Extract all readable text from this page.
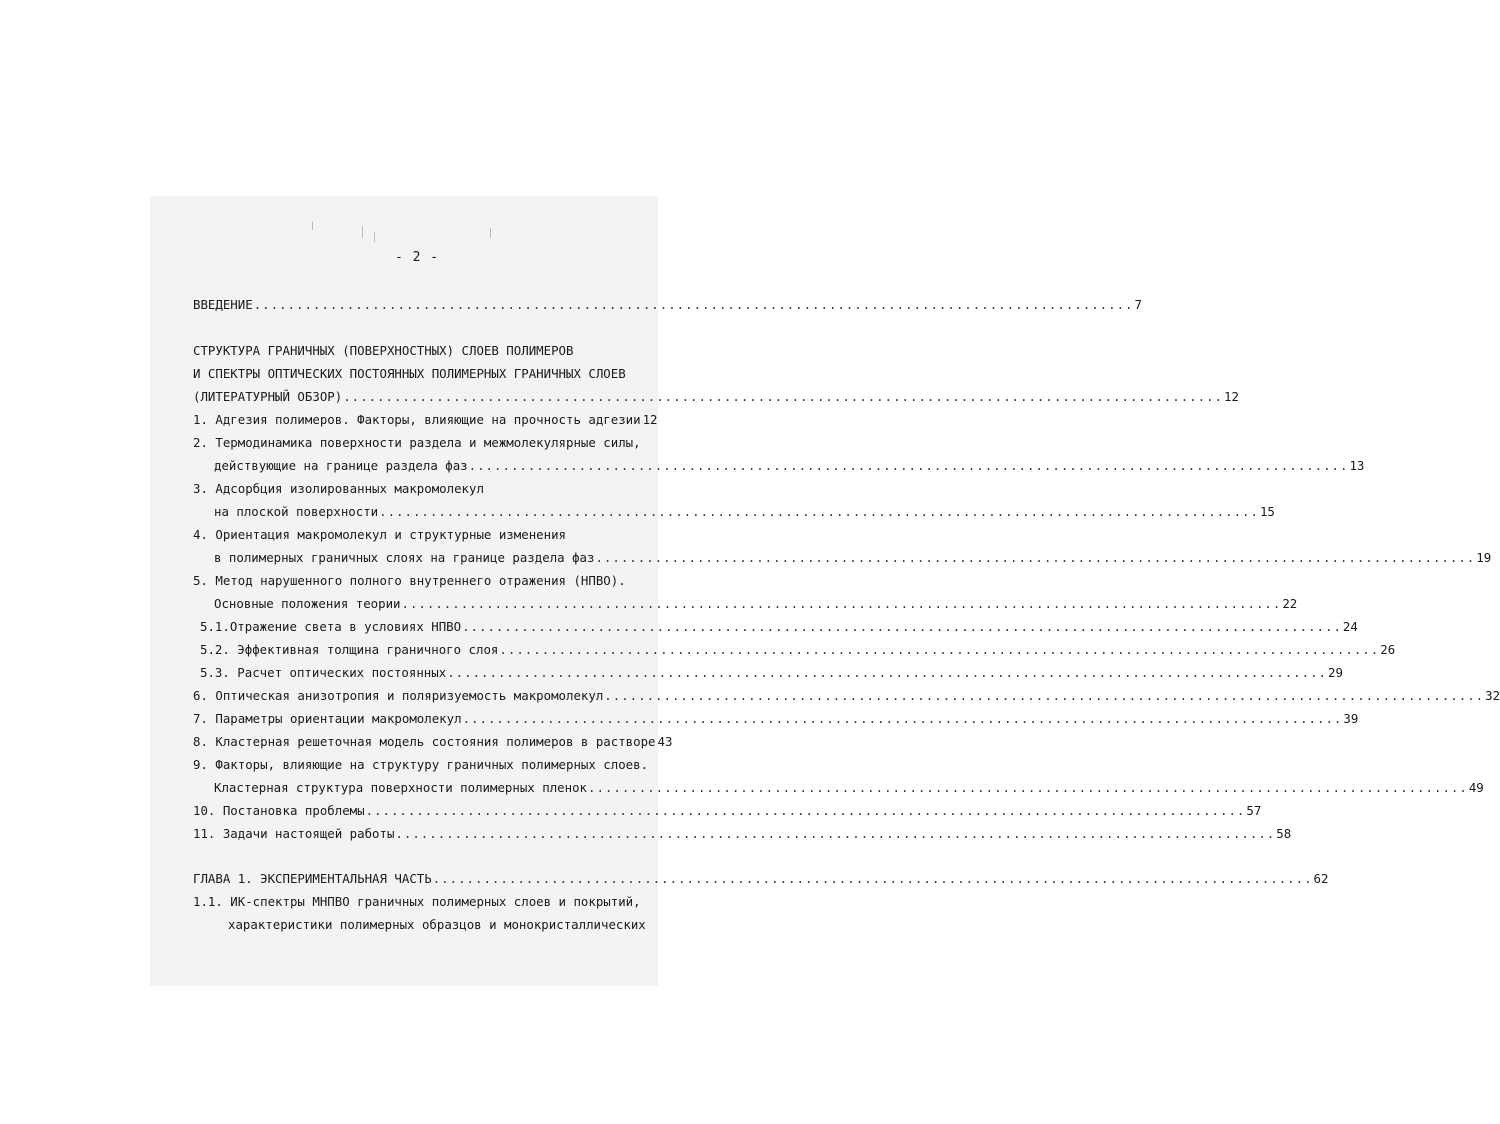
- 2 -
ВВЕДЕНИЕ ........................................................................................................ 7
СТРУКТУРА ГРАНИЧНЫХ (ПОВЕРХНОСТНЫХ) СЛОЕВ ПОЛИМЕРОВ
И СПЕКТРЫ ОПТИЧЕСКИХ ПОСТОЯННЫХ ПОЛИМЕРНЫХ ГРАНИЧНЫХ СЛОЕВ
(ЛИТЕРАТУРНЫЙ ОБЗОР) ........................................................................................................ 12
1. Адгезия полимеров. Факторы, влияющие на прочность адгезии 12
2. Термодинамика поверхности раздела и межмолекулярные силы,
действующие на границе раздела фаз ........................................................................................................ 13
3. Адсорбция изолированных макромолекул
на плоской поверхности ........................................................................................................ 15
4. Ориентация макромолекул и структурные изменения
в полимерных граничных слоях на границе раздела фаз ........................................................................................................ 19
5. Метод нарушенного полного внутреннего отражения (НПВО).
Основные положения теории ........................................................................................................ 22
5.1.Отражение света в условиях НПВО ........................................................................................................ 24
5.2. Эффективная толщина граничного слоя ........................................................................................................ 26
5.3. Расчет оптических постоянных ........................................................................................................ 29
6. Оптическая анизотропия и поляризуемость макромолекул ........................................................................................................ 32
7. Параметры ориентации макромолекул ........................................................................................................ 39
8. Кластерная решеточная модель состояния полимеров в растворе 43
9. Факторы, влияющие на структуру граничных полимерных слоев.
Кластерная структура поверхности полимерных пленок ........................................................................................................ 49
10. Постановка проблемы ........................................................................................................ 57
11. Задачи настоящей работы ........................................................................................................ 58
ГЛАВА 1. ЭКСПЕРИМЕНТАЛЬНАЯ ЧАСТЬ ........................................................................................................ 62
1.1. ИК-спектры МНПВО граничных полимерных слоев и покрытий,
характеристики полимерных образцов и монокристаллических
